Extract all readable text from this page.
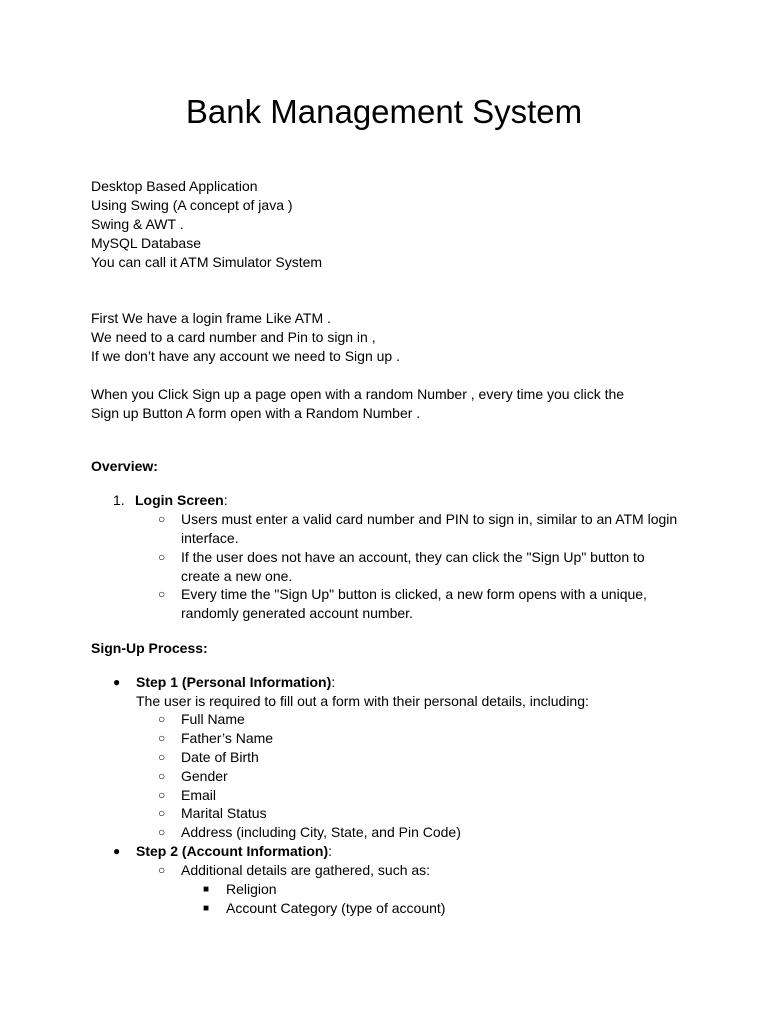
Bank Management System
Desktop Based Application
Using Swing (A concept of java )
Swing & AWT .
MySQL Database
You can call it ATM Simulator System
First We have a login frame Like ATM .
We need to a card number and Pin to sign in ,
If we don’t have any account we need to Sign up .
When you Click Sign up a page open with a random Number , every time you click the
Sign up Button A form open with a Random Number .
Overview:
1. Login Screen:
○ Users must enter a valid card number and PIN to sign in, similar to an ATM login interface.
○ If the user does not have an account, they can click the "Sign Up" button to create a new one.
○ Every time the "Sign Up" button is clicked, a new form opens with a unique, randomly generated account number.
Sign-Up Process:
● Step 1 (Personal Information):
The user is required to fill out a form with their personal details, including:
○ Full Name
○ Father’s Name
○ Date of Birth
○ Gender
○ Email
○ Marital Status
○ Address (including City, State, and Pin Code)
● Step 2 (Account Information):
○ Additional details are gathered, such as:
■ Religion
■ Account Category (type of account)
